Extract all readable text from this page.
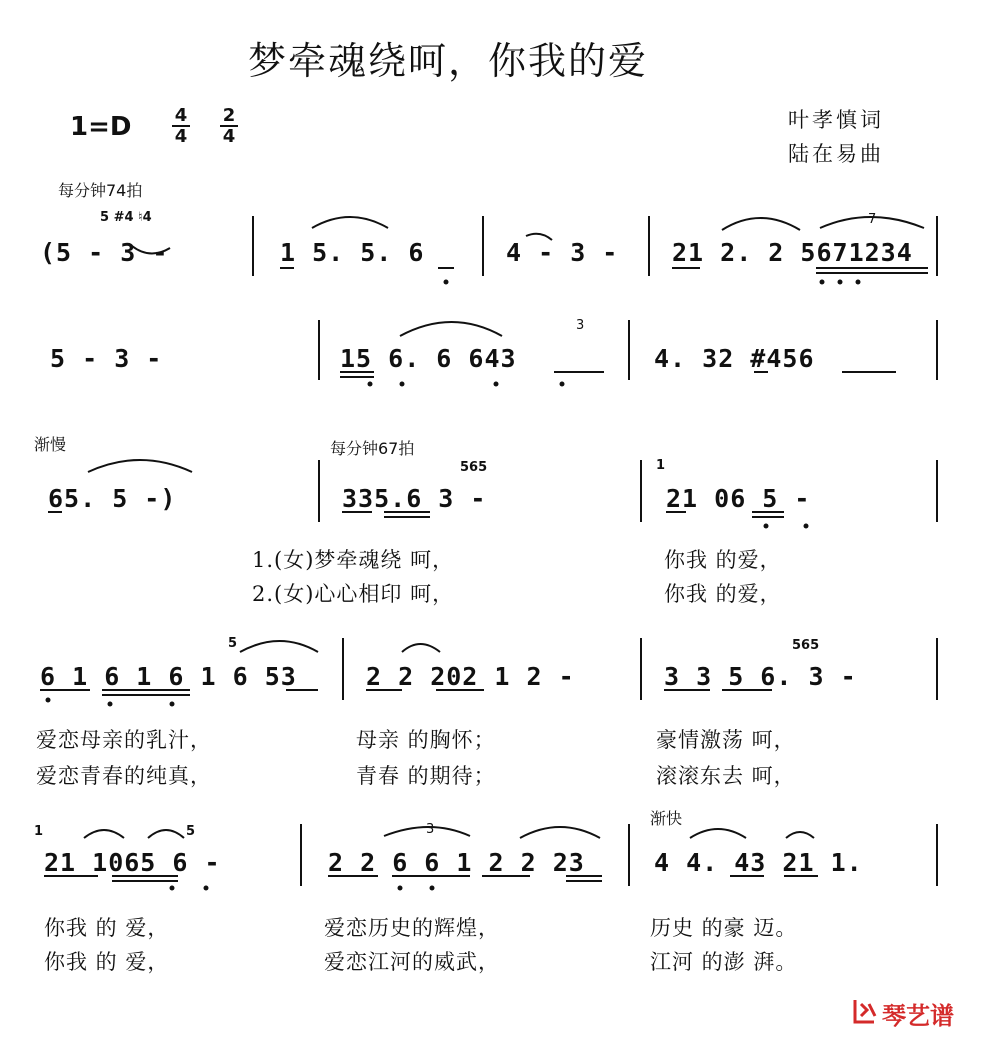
梦牵魂绕呵，你我的爱
$1=D \frac{4}{4} \frac{2}{4}$	叶孝慎词
陆在易曲
每分钟74拍
每分钟67拍
渐慢
渐快
(5 - 3 -	1 5. 5. 6	4 - 3 - 21 2. 2 5671234
5 #4 ♮4	7
5 - 3 -	15 6. 6 643	4. 32 #456
3
65. 5 -)	335.6 3 -	21 06 5 -
565	1
1.(女)梦牵魂绕 呵，	你我 的爱，
2.(女)心心相印 呵，	你我 的爱，
6 1 6 1 6 1 6 53	2 2 202 1 2 -	3 3 5 6. 3 -
5	565
爱恋母亲的乳汁，	母亲 的胸怀；	豪情激荡 呵，
爱恋青春的纯真，	青春 的期待；	滚滚东去 呵，
21 1065 6 -	2 2 6 6 1 2 2 23	4 4. 43 21 1.
1	5	3
你我 的 爱，	爱恋历史的辉煌，	历史 的豪 迈。
你我 的 爱，	爱恋江河的威武，	江河 的澎 湃。
琴艺谱
